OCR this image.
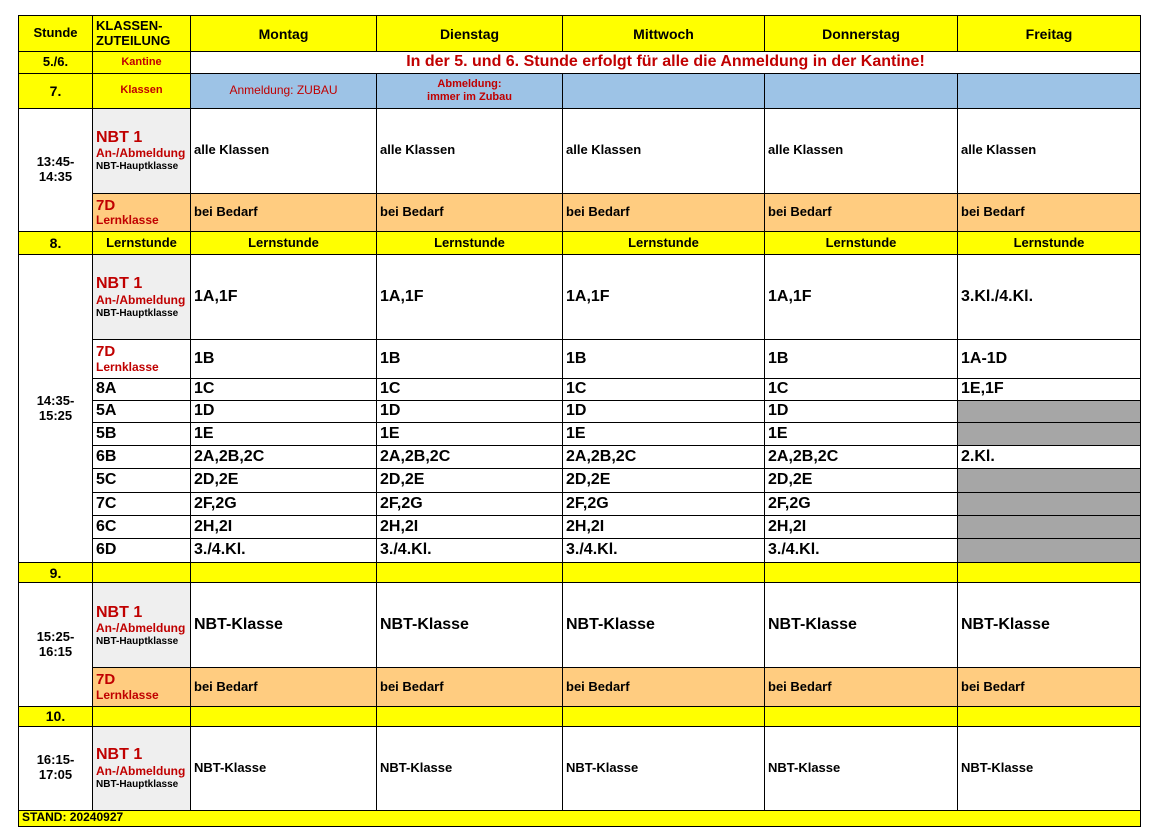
Stunde	KLASSEN-
ZUTEILUNG	Montag	Dienstag	Mittwoch	Donnerstag	Freitag
5./6.	Kantine	In der 5. und 6. Stunde erfolgt für alle die Anmeldung in der Kantine!				
7.	Klassen	Anmeldung: ZUBAU	Abmeldung:
immer im Zubau			

13:45-
14:35	NBT 1
An-/Abmeldung
NBT-Hauptklasse	alle Klassen	alle Klassen	alle Klassen	alle Klassen	alle Klassen

	7D
Lernklasse	bei Bedarf	bei Bedarf	bei Bedarf	bei Bedarf	bei Bedarf
8.	Lernstunde	Lernstunde	Lernstunde	Lernstunde	Lernstunde	Lernstunde

14:35-
15:25	NBT 1
An-/Abmeldung
NBT-Hauptklasse	1A,1F	1A,1F	1A,1F	1A,1F	3.Kl./4.Kl.

	7D
Lernklasse	1B	1B	1B	1B	1A-1D
	8A	1C	1C	1C	1C	1E,1F
	5A	1D	1D	1D	1D	
	5B	1E	1E	1E	1E	
	6B	2A,2B,2C	2A,2B,2C	2A,2B,2C	2A,2B,2C	2.Kl.
	5C	2D,2E	2D,2E	2D,2E	2D,2E	
	7C	2F,2G	2F,2G	2F,2G	2F,2G	
	6C	2H,2I	2H,2I	2H,2I	2H,2I	
	6D	3./4.Kl.	3./4.Kl.	3./4.Kl.	3./4.Kl.	
9.						

15:25-
16:15	NBT 1
An-/Abmeldung
NBT-Hauptklasse	NBT-Klasse	NBT-Klasse	NBT-Klasse	NBT-Klasse	NBT-Klasse

	7D
Lernklasse	bei Bedarf	bei Bedarf	bei Bedarf	bei Bedarf	bei Bedarf
10.						

16:15-
17:05	NBT 1
An-/Abmeldung
NBT-Hauptklasse	NBT-Klasse	NBT-Klasse	NBT-Klasse	NBT-Klasse	NBT-Klasse
STAND: 20240927						
